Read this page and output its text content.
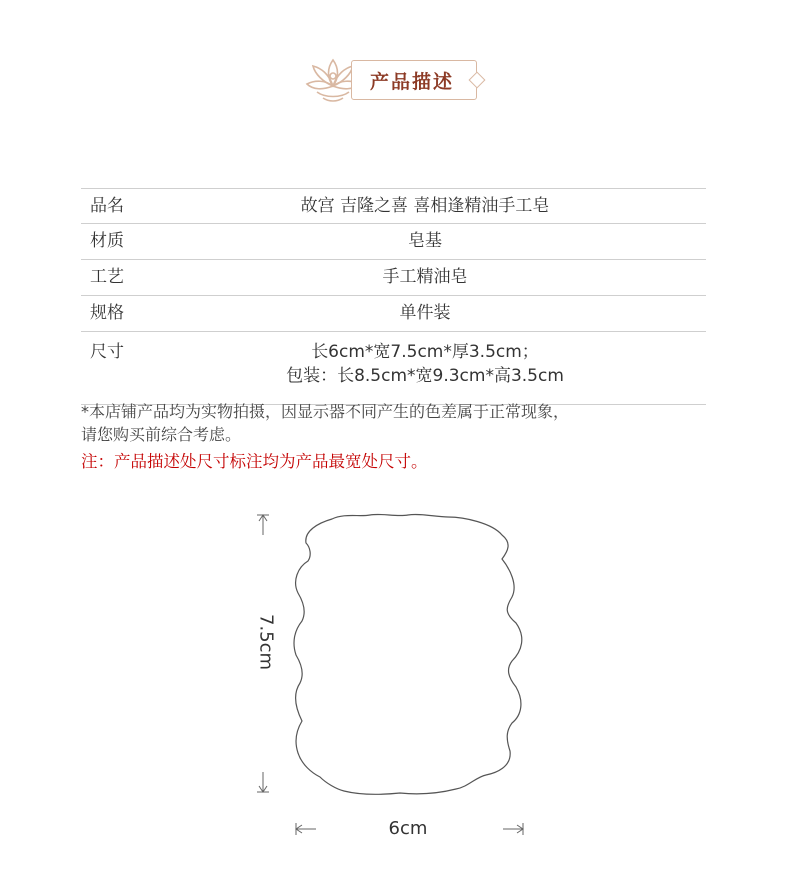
产品描述
品名	故宫 吉隆之喜 喜相逢精油手工皂
材质	皂基
工艺	手工精油皂
规格	单件装
尺寸	长6cm*宽7.5cm*厚3.5cm；
包装：长8.5cm*宽9.3cm*高3.5cm
*本店铺产品均为实物拍摄，因显示器不同产生的色差属于正常现象，
请您购买前综合考虑。
注：产品描述处尺寸标注均为产品最宽处尺寸。
7.5cm
6cm
